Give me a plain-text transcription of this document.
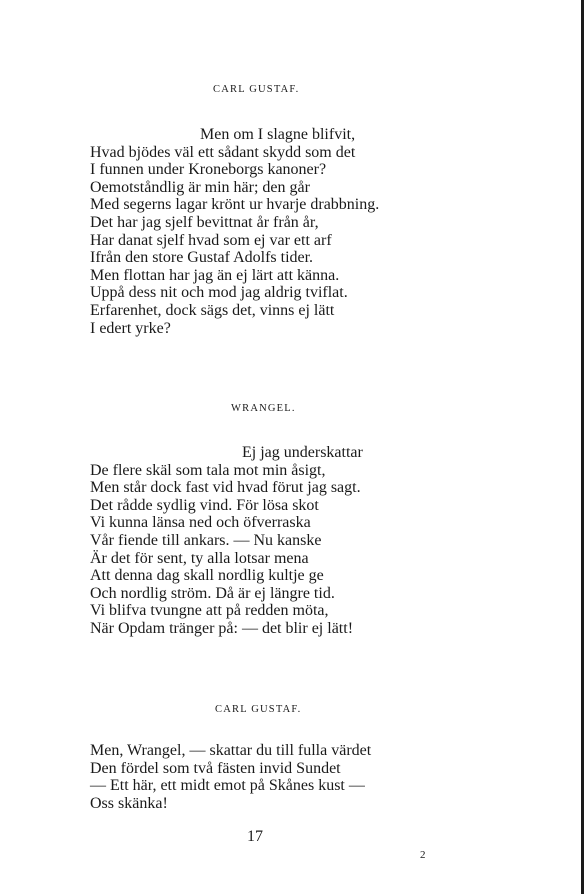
CARL GUSTAF.
Men om I slagne blifvit,
Hvad bjödes väl ett sådant skydd som det
I funnen under Kroneborgs kanoner?
Oemotståndlig är min här; den går
Med segerns lagar krönt ur hvarje drabbning.
Det har jag sjelf bevittnat år från år,
Har danat sjelf hvad som ej var ett arf
Ifrån den store Gustaf Adolfs tider.
Men flottan har jag än ej lärt att känna.
Uppå dess nit och mod jag aldrig tviflat.
Erfarenhet, dock sägs det, vinns ej lätt
I edert yrke?
WRANGEL.
Ej jag underskattar
De flere skäl som tala mot min åsigt,
Men står dock fast vid hvad förut jag sagt.
Det rådde sydlig vind. För lösa skot
Vi kunna länsa ned och öfverraska
Vår fiende till ankars. — Nu kanske
Är det för sent, ty alla lotsar mena
Att denna dag skall nordlig kultje ge
Och nordlig ström. Då är ej längre tid.
Vi blifva tvungne att på redden möta,
När Opdam tränger på: — det blir ej lätt!
CARL GUSTAF.
Men, Wrangel, — skattar du till fulla värdet
Den fördel som två fästen invid Sundet
— Ett här, ett midt emot på Skånes kust —
Oss skänka!
17
2
